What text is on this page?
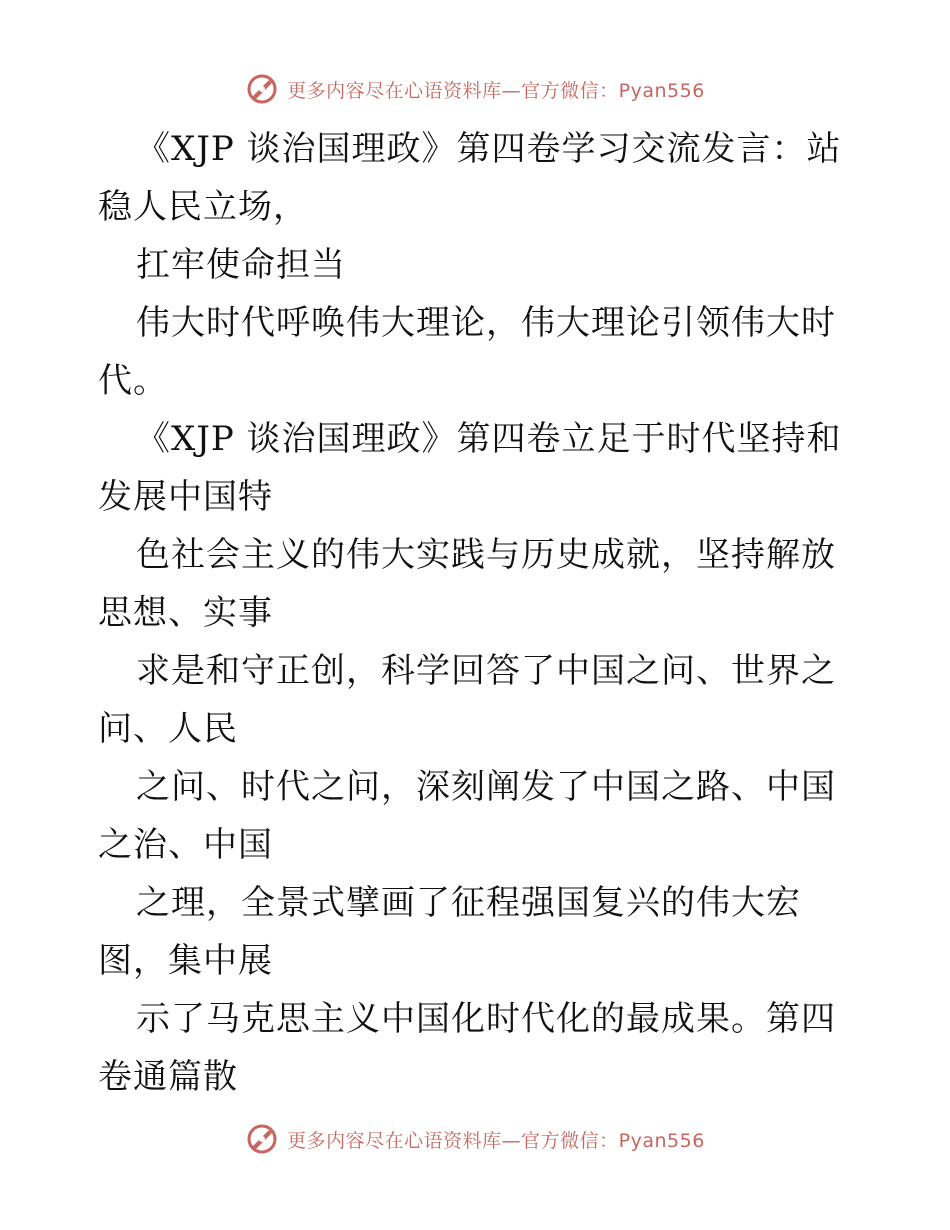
更多内容尽在心语资料库—官方微信：Pyan556

《XJP 谈治国理政》第四卷学习交流发言：站稳人民立场，

扛牢使命担当

伟大时代呼唤伟大理论，伟大理论引领伟大时代。

《XJP 谈治国理政》第四卷立足于时代坚持和发展中国特

色社会主义的伟大实践与历史成就，坚持解放思想、实事

求是和守正创，科学回答了中国之问、世界之问、人民

之问、时代之问，深刻阐发了中国之路、中国之治、中国

之理，全景式擘画了征程强国复兴的伟大宏图，集中展

示了马克思主义中国化时代化的最成果。第四卷通篇散

更多内容尽在心语资料库—官方微信：Pyan556
